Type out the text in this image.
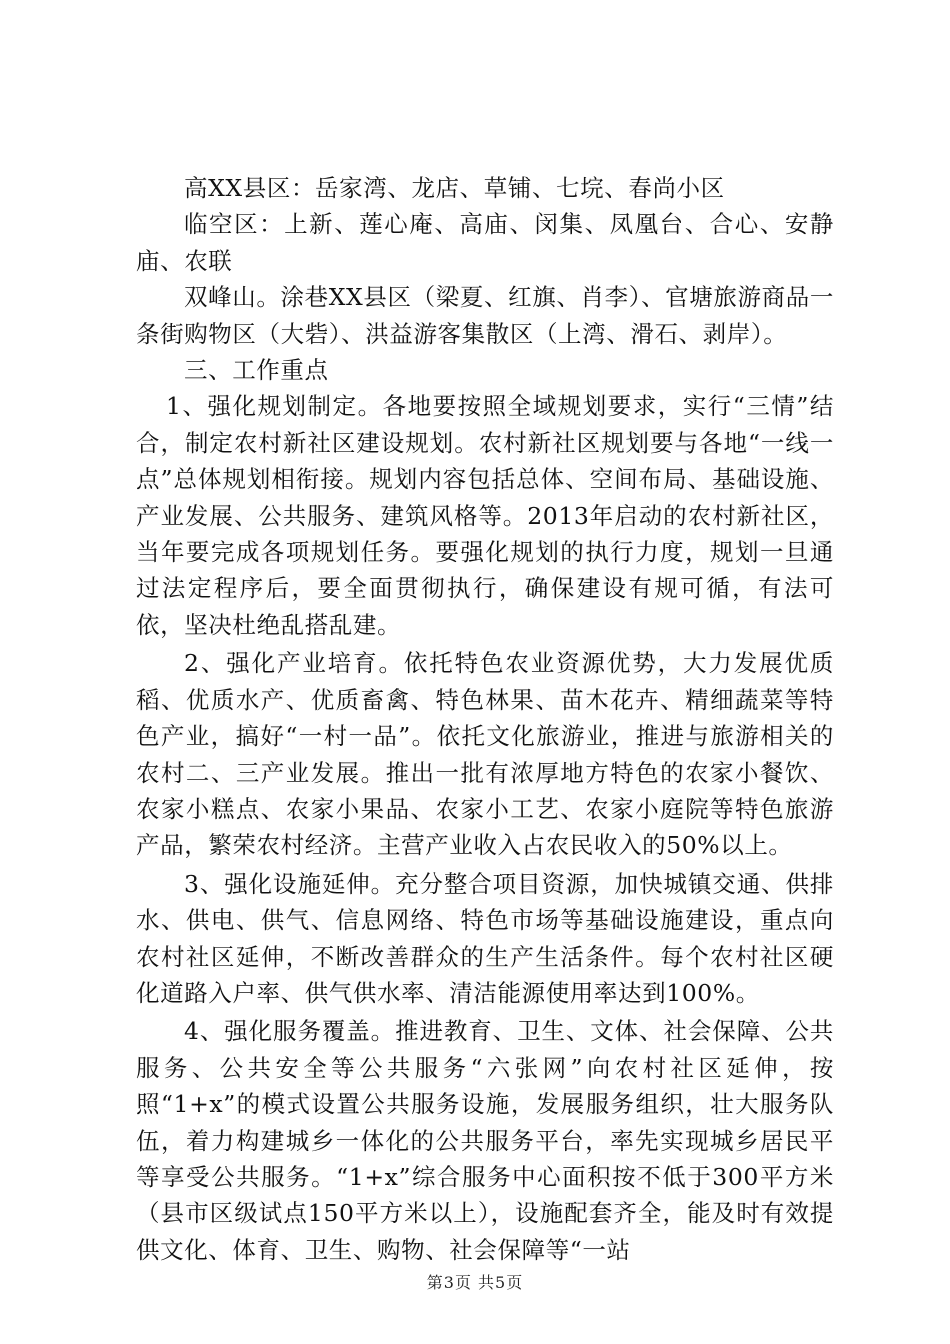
高XX县区：岳家湾、龙店、草铺、七垸、春尚小区

临空区：上新、莲心庵、高庙、闵集、凤凰台、合心、安静庙、农联

双峰山。涂巷XX县区（梁夏、红旗、肖李）、官塘旅游商品一条街购物区（大砦）、洪益游客集散区（上湾、滑石、剥岸）。

三、工作重点

1、强化规划制定。各地要按照全域规划要求，实行“三情”结合，制定农村新社区建设规划。农村新社区规划要与各地“一线一点”总体规划相衔接。规划内容包括总体、空间布局、基础设施、产业发展、公共服务、建筑风格等。2013年启动的农村新社区，当年要完成各项规划任务。要强化规划的执行力度，规划一旦通过法定程序后，要全面贯彻执行，确保建设有规可循，有法可依，坚决杜绝乱搭乱建。

2、强化产业培育。依托特色农业资源优势，大力发展优质稻、优质水产、优质畜禽、特色林果、苗木花卉、精细蔬菜等特色产业，搞好“一村一品”。依托文化旅游业，推进与旅游相关的农村二、三产业发展。推出一批有浓厚地方特色的农家小餐饮、农家小糕点、农家小果品、农家小工艺、农家小庭院等特色旅游产品，繁荣农村经济。主营产业收入占农民收入的50%以上。

3、强化设施延伸。充分整合项目资源，加快城镇交通、供排水、供电、供气、信息网络、特色市场等基础设施建设，重点向农村社区延伸，不断改善群众的生产生活条件。每个农村社区硬化道路入户率、供气供水率、清洁能源使用率达到100%。

4、强化服务覆盖。推进教育、卫生、文体、社会保障、公共服务、公共安全等公共服务“六张网”向农村社区延伸，按照“1+x”的模式设置公共服务设施，发展服务组织，壮大服务队伍，着力构建城乡一体化的公共服务平台，率先实现城乡居民平等享受公共服务。“1+x”综合服务中心面积按不低于300平方米（县市区级试点150平方米以上），设施配套齐全，能及时有效提供文化、体育、卫生、购物、社会保障等“一站

第3页 共5页
